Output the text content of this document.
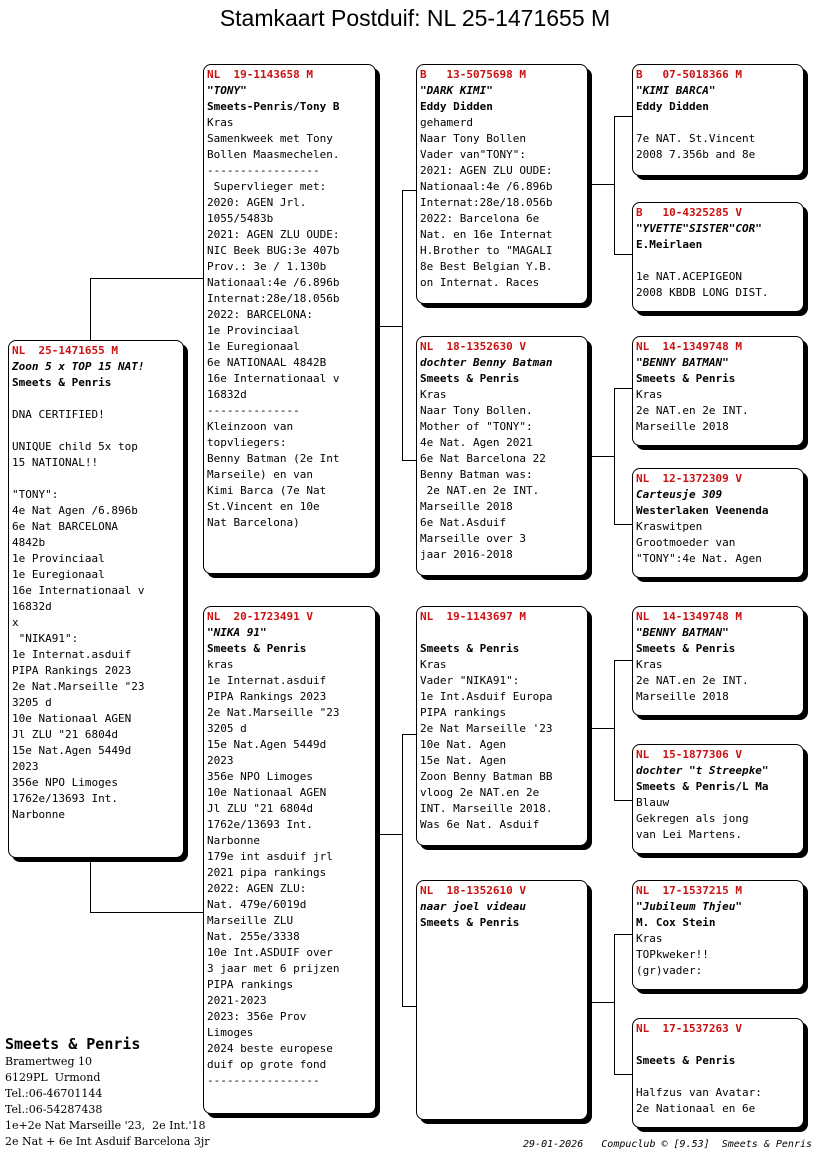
Stamkaart Postduif: NL 25-1471655 M
NL  25-1471655 M
Zoon 5 x TOP 15 NAT!
Smeets & Penris

DNA CERTIFIED!

UNIQUE child 5x top
15 NATIONAL!!

"TONY":
4e Nat Agen /6.896b
6e Nat BARCELONA
4842b
1e Provinciaal
1e Euregionaal
16e Internationaal v
16832d
x
"NIKA91":
1e Internat.asduif
PIPA Rankings 2023
2e Nat.Marseille "23
3205 d
10e Nationaal AGEN
Jl ZLU "21 6804d
15e Nat.Agen 5449d
2023
356e NPO Limoges
1762e/13693 Int.
Narbonne
NL  19-1143658 M
"TONY"
Smeets-Penris/Tony B
Kras
Samenkweek met Tony
Bollen Maasmechelen.
-----------------
Supervlieger met:
2020: AGEN Jrl.
1055/5483b
2021: AGEN ZLU OUDE:
NIC Beek BUG:3e 407b
Prov.: 3e / 1.130b
Nationaal:4e /6.896b
Internat:28e/18.056b
2022: BARCELONA:
1e Provinciaal
1e Euregionaal
6e NATIONAAL 4842B
16e Internationaal v
16832d
--------------
Kleinzoon van
topvliegers:
Benny Batman (2e Int
Marseile) en van
Kimi Barca (7e Nat
St.Vincent en 10e
Nat Barcelona)
NL  20-1723491 V
"NIKA 91"
Smeets & Penris
kras
1e Internat.asduif
PIPA Rankings 2023
2e Nat.Marseille "23
3205 d
15e Nat.Agen 5449d
2023
356e NPO Limoges
10e Nationaal AGEN
Jl ZLU "21 6804d
1762e/13693 Int.
Narbonne
179e int asduif jrl
2021 pipa rankings
2022: AGEN ZLU:
Nat. 479e/6019d
Marseille ZLU
Nat. 255e/3338
10e Int.ASDUIF over
3 jaar met 6 prijzen
PIPA rankings
2021-2023
2023: 356e Prov
Limoges
2024 beste europese
duif op grote fond
-----------------
B   13-5075698 M
"DARK KIMI"
Eddy Didden
gehamerd
Naar Tony Bollen
Vader van"TONY":
2021: AGEN ZLU OUDE:
Nationaal:4e /6.896b
Internat:28e/18.056b
2022: Barcelona 6e
Nat. en 16e Internat
H.Brother to "MAGALI
8e Best Belgian Y.B.
on Internat. Races
NL  18-1352630 V
dochter Benny Batman
Smeets & Penris
Kras
Naar Tony Bollen.
Mother of "TONY":
4e Nat. Agen 2021
6e Nat Barcelona 22
Benny Batman was:
2e NAT.en 2e INT.
Marseille 2018
6e Nat.Asduif
Marseille over 3
jaar 2016-2018
NL  19-1143697 M

Smeets & Penris
Kras
Vader "NIKA91":
1e Int.Asduif Europa
PIPA rankings
2e Nat Marseille '23
10e Nat. Agen
15e Nat. Agen
Zoon Benny Batman BB
vloog 2e NAT.en 2e
INT. Marseille 2018.
Was 6e Nat. Asduif
NL  18-1352610 V
naar joel videau
Smeets & Penris
B   07-5018366 M
"KIMI BARCA"
Eddy Didden

7e NAT. St.Vincent
2008 7.356b and 8e
B   10-4325285 V
"YVETTE"SISTER"COR"
E.Meirlaen

1e NAT.ACEPIGEON
2008 KBDB LONG DIST.
NL  14-1349748 M
"BENNY BATMAN"
Smeets & Penris
Kras
2e NAT.en 2e INT.
Marseille 2018
NL  12-1372309 V
Carteusje 309
Westerlaken Veenenda
Kraswitpen
Grootmoeder van
"TONY":4e Nat. Agen
NL  14-1349748 M
"BENNY BATMAN"
Smeets & Penris
Kras
2e NAT.en 2e INT.
Marseille 2018
NL  15-1877306 V
dochter "t Streepke"
Smeets & Penris/L Ma
Blauw
Gekregen als jong
van Lei Martens.
NL  17-1537215 M
"Jubileum Thjeu"
M. Cox Stein
Kras
TOPkweker!!
(gr)vader:
NL  17-1537263 V

Smeets & Penris

Halfzus van Avatar:
2e Nationaal en 6e
Smeets & Penris
Bramertweg 10
6129PL  Urmond
Tel.:06-46701144
Tel.:06-54287438
1e+2e Nat Marseille '23,  2e Int.'18
2e Nat + 6e Int Asduif Barcelona 3jr	29-01-2026   Compuclub © [9.53]  Smeets & Penris
